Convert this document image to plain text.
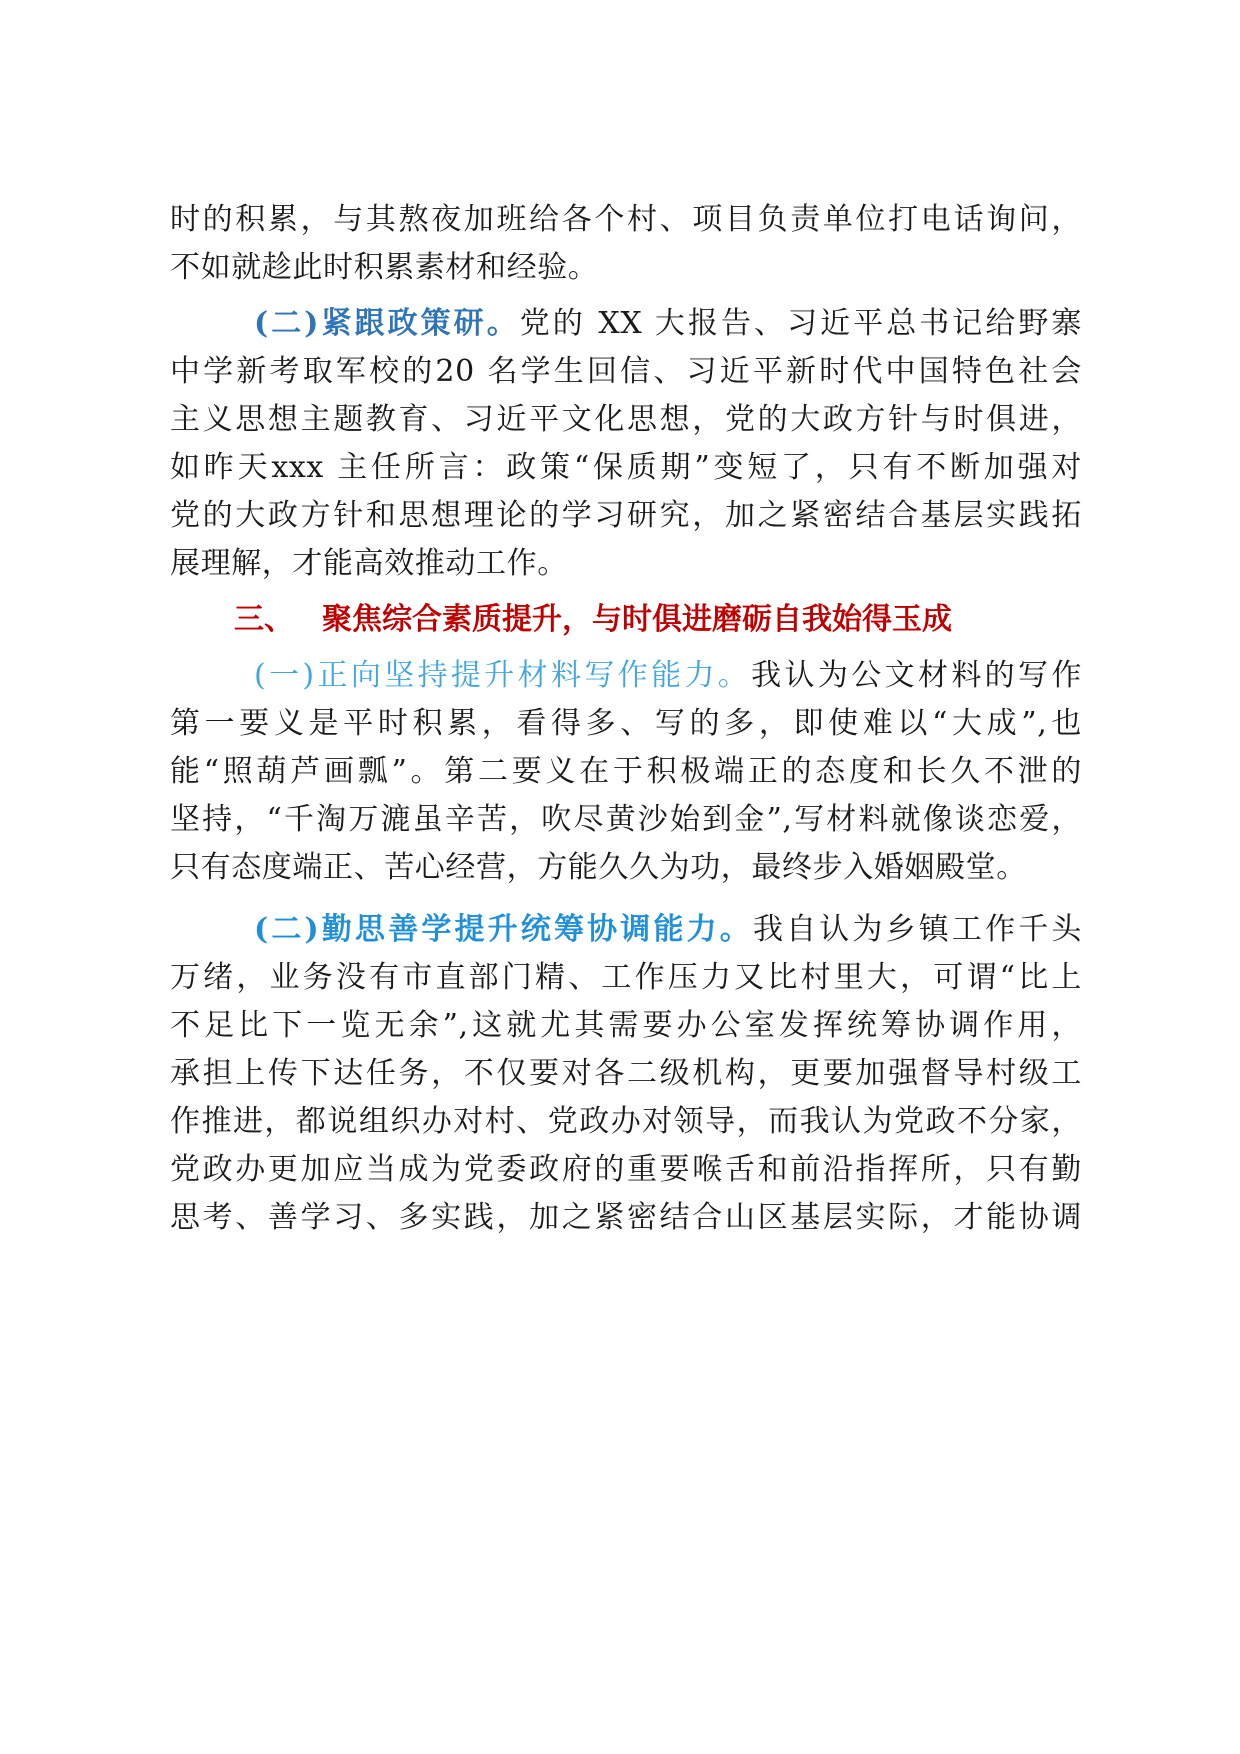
时的积累，与其熬夜加班给各个村、项目负责单位打电话询问，
不如就趁此时积累素材和经验。
(二)紧跟政策研。党的 XX 大报告、习近平总书记给野寨
中学新考取军校的20 名学生回信、习近平新时代中国特色社会
主义思想主题教育、习近平文化思想，党的大政方针与时俱进，
如昨天xxx 主任所言：政策“保质期”变短了，只有不断加强对
党的大政方针和思想理论的学习研究，加之紧密结合基层实践拓
展理解，才能高效推动工作。
三、 聚焦综合素质提升，与时俱进磨砺自我始得玉成
(一)正向坚持提升材料写作能力。我认为公文材料的写作
第一要义是平时积累，看得多、写的多，即使难以“大成”,也
能“照葫芦画瓢”。第二要义在于积极端正的态度和长久不泄的
坚持，“千淘万漉虽辛苦，吹尽黄沙始到金”,写材料就像谈恋爱，
只有态度端正、苦心经营，方能久久为功，最终步入婚姻殿堂。
(二)勤思善学提升统筹协调能力。我自认为乡镇工作千头
万绪，业务没有市直部门精、工作压力又比村里大，可谓“比上
不足比下一览无余”,这就尤其需要办公室发挥统筹协调作用，
承担上传下达任务，不仅要对各二级机构，更要加强督导村级工
作推进，都说组织办对村、党政办对领导，而我认为党政不分家，
党政办更加应当成为党委政府的重要喉舌和前沿指挥所，只有勤
思考、善学习、多实践，加之紧密结合山区基层实际，才能协调
